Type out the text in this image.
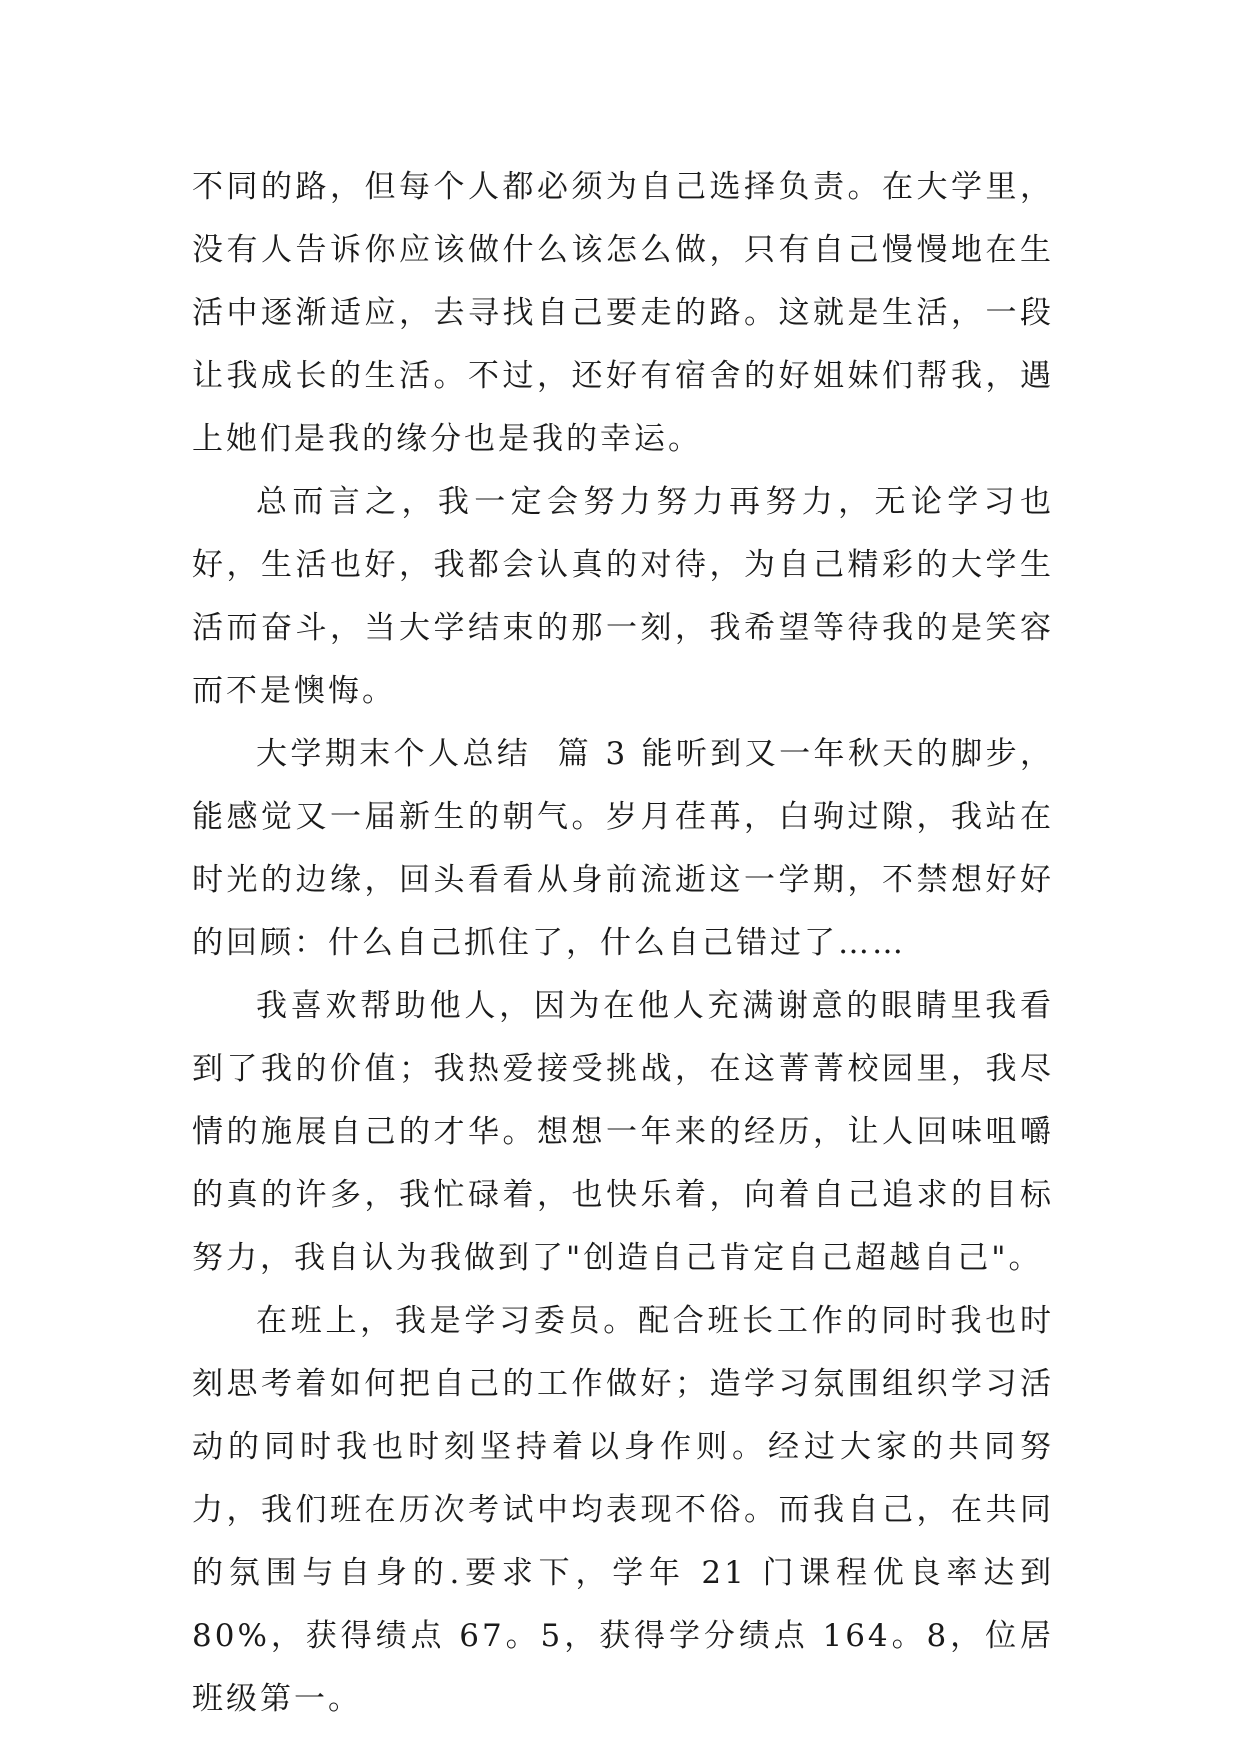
不同的路，但每个人都必须为自己选择负责。在大学里，没有人告诉你应该做什么该怎么做，只有自己慢慢地在生活中逐渐适应，去寻找自己要走的路。这就是生活，一段让我成长的生活。不过，还好有宿舍的好姐妹们帮我，遇上她们是我的缘分也是我的幸运。

总而言之，我一定会努力努力再努力，无论学习也好，生活也好，我都会认真的对待，为自己精彩的大学生活而奋斗，当大学结束的那一刻，我希望等待我的是笑容而不是懊悔。

大学期末个人总结  篇 3 能听到又一年秋天的脚步，能感觉又一届新生的朝气。岁月荏苒，白驹过隙，我站在时光的边缘，回头看看从身前流逝这一学期，不禁想好好的回顾：什么自己抓住了，什么自己错过了……

我喜欢帮助他人，因为在他人充满谢意的眼睛里我看到了我的价值；我热爱接受挑战，在这菁菁校园里，我尽情的施展自己的才华。想想一年来的经历，让人回味咀嚼的真的许多，我忙碌着，也快乐着，向着自己追求的目标努力，我自认为我做到了"创造自己肯定自己超越自己"。

在班上，我是学习委员。配合班长工作的同时我也时刻思考着如何把自己的工作做好；造学习氛围组织学习活动的同时我也时刻坚持着以身作则。经过大家的共同努力，我们班在历次考试中均表现不俗。而我自己，在共同的氛围与自身的.要求下，学年 21 门课程优良率达到 80%，获得绩点 67。5，获得学分绩点 164。8，位居班级第一。
